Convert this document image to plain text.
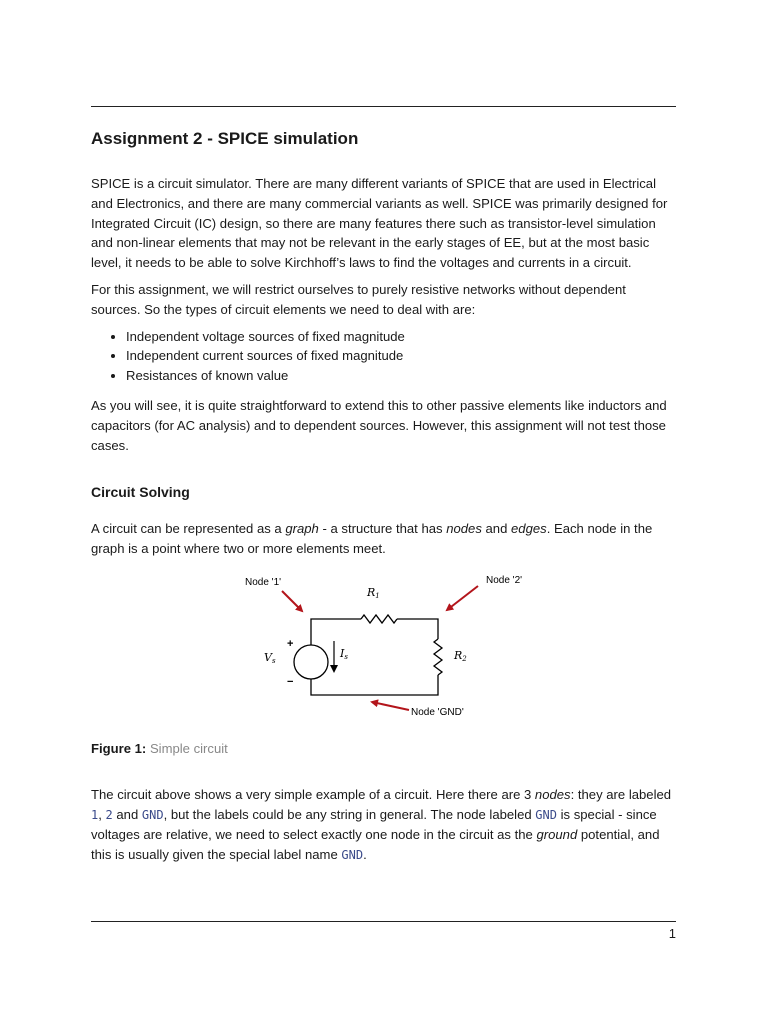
Assignment 2 - SPICE simulation

SPICE is a circuit simulator. There are many different variants of SPICE that are used in Electrical and Electronics, and there are many commercial variants as well. SPICE was primarily designed for Integrated Circuit (IC) design, so there are many features there such as transistor-level simulation and non-linear elements that may not be relevant in the early stages of EE, but at the most basic level, it needs to be able to solve Kirchhoff’s laws to find the voltages and currents in a circuit.

For this assignment, we will restrict ourselves to purely resistive networks without dependent sources. So the types of circuit elements we need to deal with are:

• Independent voltage sources of fixed magnitude
• Independent current sources of fixed magnitude
• Resistances of known value

As you will see, it is quite straightforward to extend this to other passive elements like inductors and capacitors (for AC analysis) and to dependent sources. However, this assignment will not test those cases.

Circuit Solving

A circuit can be represented as a graph - a structure that has nodes and edges. Each node in the graph is a point where two or more elements meet.

Node '1'	Node '2'
Node 'GND'
R1
R2
Vs
Is
+
−

Figure 1: Simple circuit

The circuit above shows a very simple example of a circuit. Here there are 3 nodes: they are labeled 1, 2 and GND, but the labels could be any string in general. The node labeled GND is special - since voltages are relative, we need to select exactly one node in the circuit as the ground potential, and this is usually given the special label name GND.

1
